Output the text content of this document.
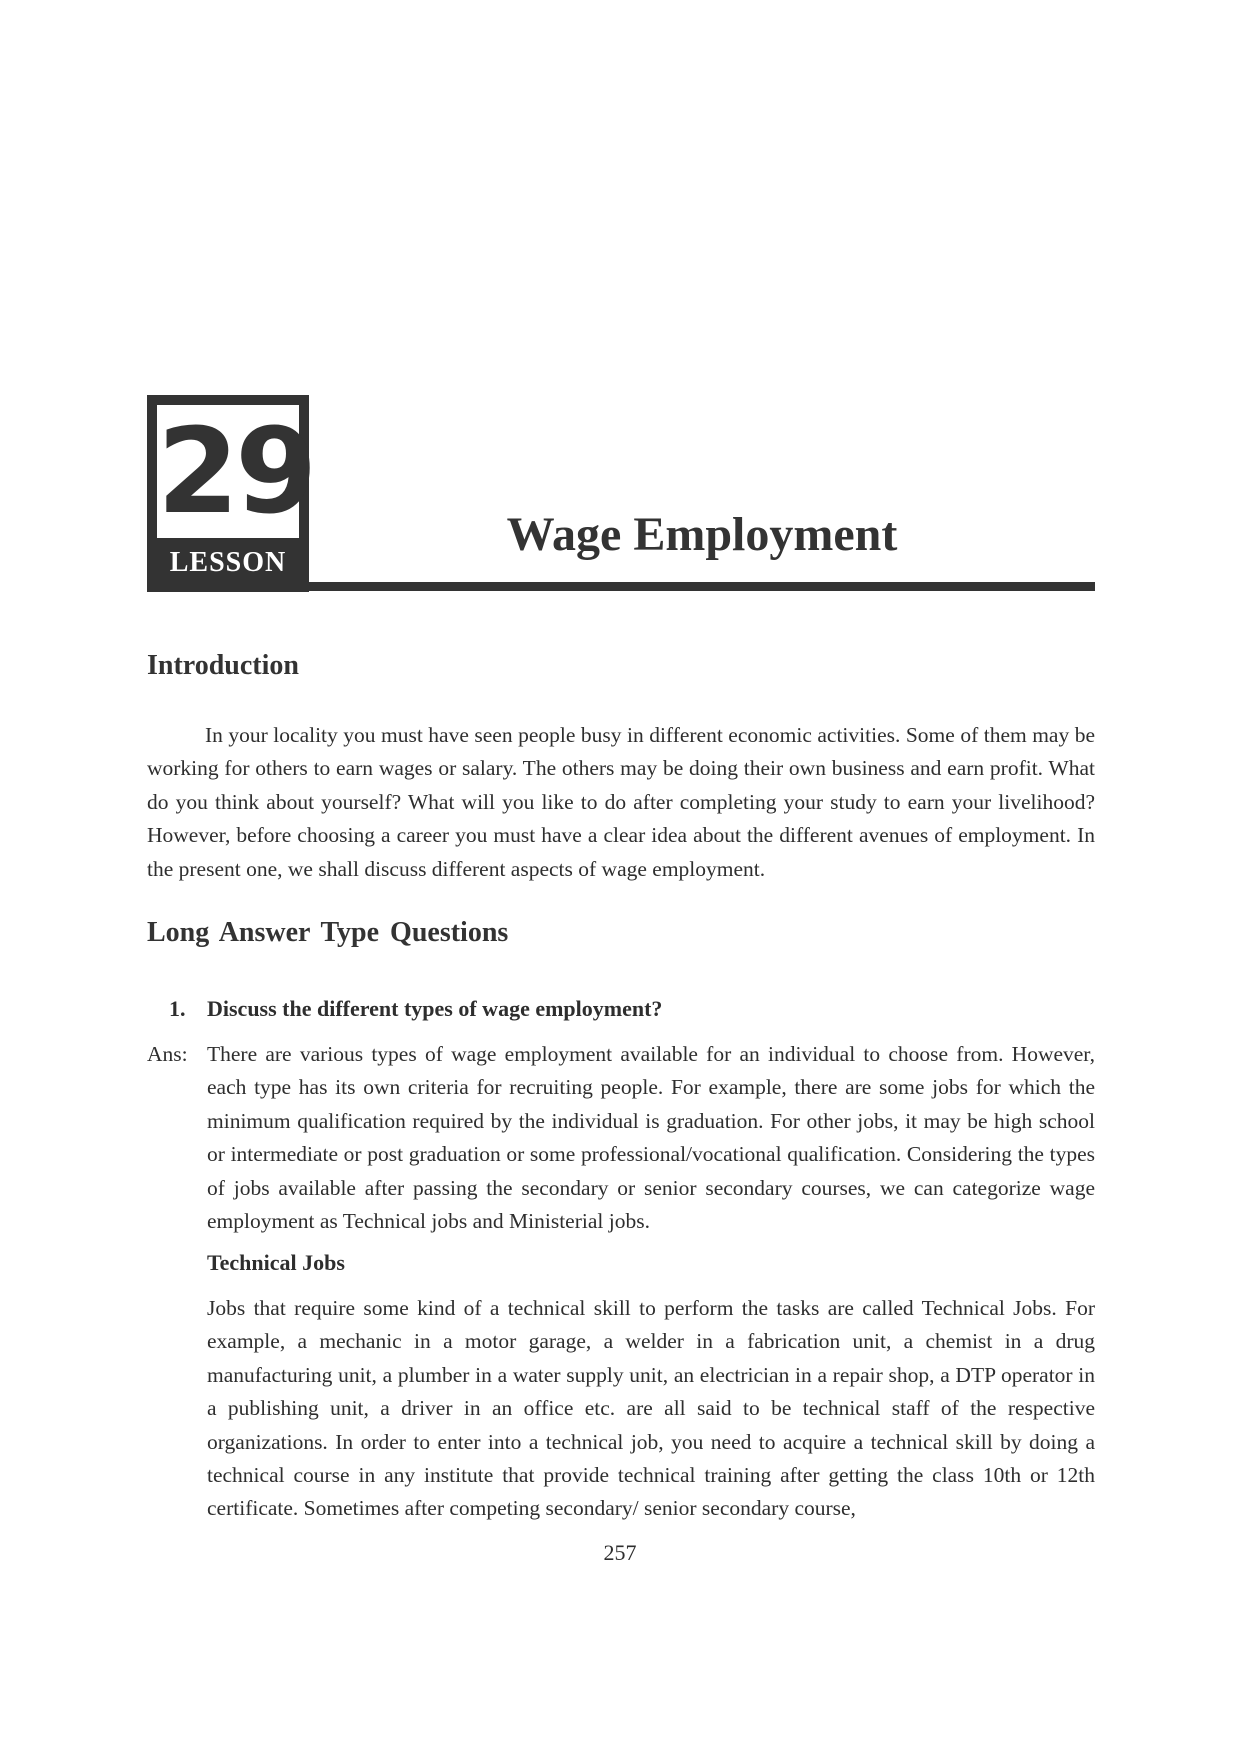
29
LESSON
Wage Employment
Introduction

In your locality you must have seen people busy in different economic activities. Some of them may be working for others to earn wages or salary. The others may be doing their own business and earn profit. What do you think about yourself? What will you like to do after completing your study to earn your livelihood? However, before choosing a career you must have a clear idea about the different avenues of employment. In the present one, we shall discuss different aspects of wage employment.

Long Answer Type Questions

1. Discuss the different types of wage employment?

Ans: There are various types of wage employment available for an individual to choose from. However, each type has its own criteria for recruiting people. For example, there are some jobs for which the minimum qualification required by the individual is graduation. For other jobs, it may be high school or intermediate or post graduation or some professional/vocational qualification. Considering the types of jobs available after passing the secondary or senior secondary courses, we can categorize wage employment as Technical jobs and Ministerial jobs.

Technical Jobs

Jobs that require some kind of a technical skill to perform the tasks are called Technical Jobs. For example, a mechanic in a motor garage, a welder in a fabrication unit, a chemist in a drug manufacturing unit, a plumber in a water supply unit, an electrician in a repair shop, a DTP operator in a publishing unit, a driver in an office etc. are all said to be technical staff of the respective organizations. In order to enter into a technical job, you need to acquire a technical skill by doing a technical course in any institute that provide technical training after getting the class 10th or 12th certificate. Sometimes after competing secondary/ senior secondary course,

257
